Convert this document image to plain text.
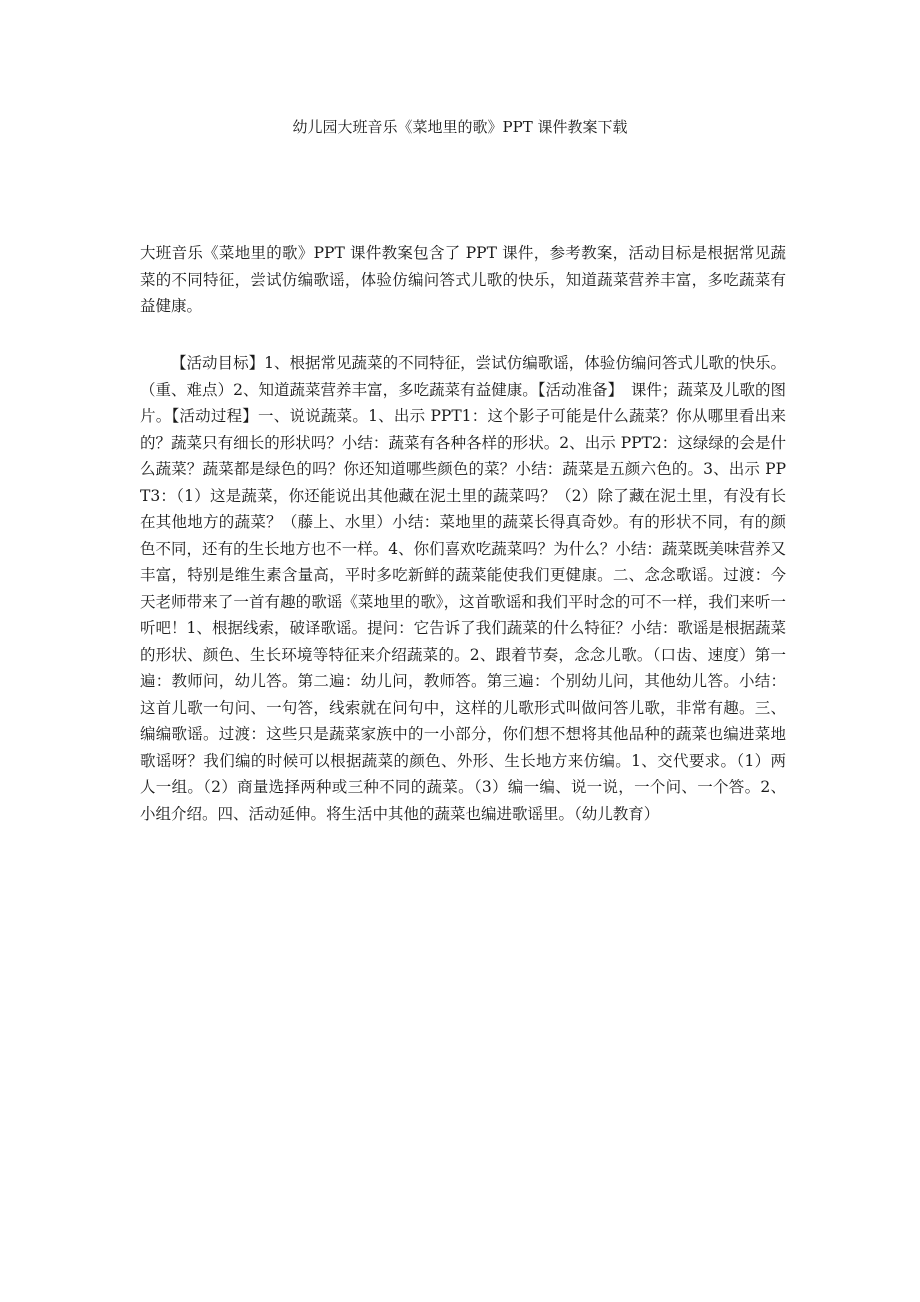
幼儿园大班音乐《菜地里的歌》PPT 课件教案下载

大班音乐《菜地里的歌》PPT 课件教案包含了 PPT 课件，参考教案，活动目标是根据常见蔬菜的不同特征，尝试仿编歌谣，体验仿编问答式儿歌的快乐，知道蔬菜营养丰富，多吃蔬菜有益健康。

【活动目标】1、根据常见蔬菜的不同特征，尝试仿编歌谣，体验仿编问答式儿歌的快乐。（重、难点）2、知道蔬菜营养丰富，多吃蔬菜有益健康。【活动准备】　课件；蔬菜及儿歌的图片。【活动过程】一、说说蔬菜。1、出示 PPT1：这个影子可能是什么蔬菜？你从哪里看出来的？蔬菜只有细长的形状吗？小结：蔬菜有各种各样的形状。2、出示 PPT2：这绿绿的会是什么蔬菜？蔬菜都是绿色的吗？你还知道哪些颜色的菜？小结：蔬菜是五颜六色的。3、出示 PPT3：（1）这是蔬菜，你还能说出其他藏在泥土里的蔬菜吗？（2）除了藏在泥土里，有没有长在其他地方的蔬菜？（藤上、水里）小结：菜地里的蔬菜长得真奇妙。有的形状不同，有的颜色不同，还有的生长地方也不一样。4、你们喜欢吃蔬菜吗？为什么？小结：蔬菜既美味营养又丰富，特别是维生素含量高，平时多吃新鲜的蔬菜能使我们更健康。二、念念歌谣。过渡：今天老师带来了一首有趣的歌谣《菜地里的歌》，这首歌谣和我们平时念的可不一样，我们来听一听吧！1、根据线索，破译歌谣。提问：它告诉了我们蔬菜的什么特征？小结：歌谣是根据蔬菜的形状、颜色、生长环境等特征来介绍蔬菜的。2、跟着节奏，念念儿歌。（口齿、速度）第一遍：教师问，幼儿答。第二遍：幼儿问，教师答。第三遍：个别幼儿问，其他幼儿答。小结：这首儿歌一句问、一句答，线索就在问句中，这样的儿歌形式叫做问答儿歌，非常有趣。三、编编歌谣。过渡：这些只是蔬菜家族中的一小部分，你们想不想将其他品种的蔬菜也编进菜地歌谣呀？我们编的时候可以根据蔬菜的颜色、外形、生长地方来仿编。1、交代要求。（1）两人一组。（2）商量选择两种或三种不同的蔬菜。（3）编一编、说一说，一个问、一个答。2、小组介绍。四、活动延伸。将生活中其他的蔬菜也编进歌谣里。（幼儿教育）
